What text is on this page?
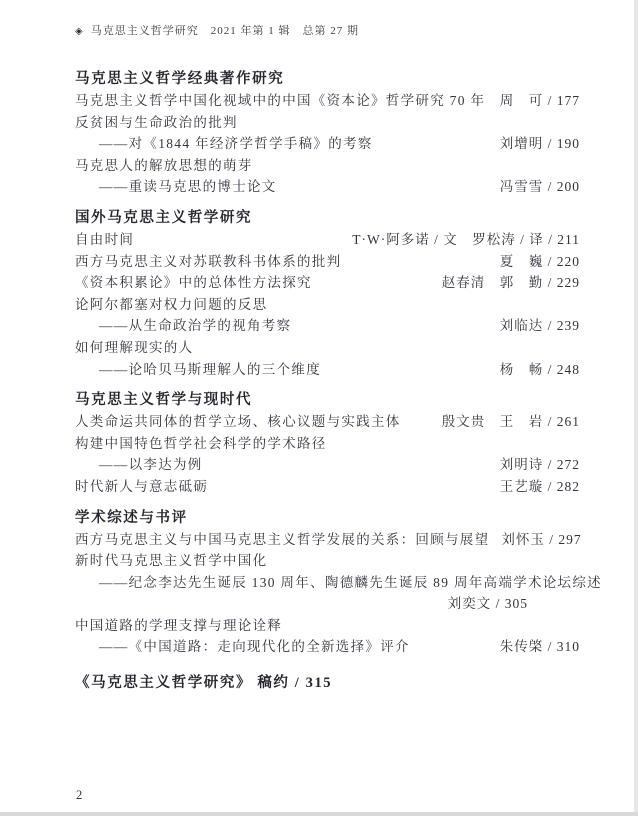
◈ 马克思主义哲学研究　2021 年第 1 辑　总第 27 期
马克思主义哲学经典著作研究
马克思主义哲学中国化视域中的中国《资本论》哲学研究 70 年	周　可 / 177
反贫困与生命政治的批判
——对《1844 年经济学哲学手稿》的考察	刘增明 / 190
马克思人的解放思想的萌芽
——重读马克思的博士论文	冯雪雪 / 200
国外马克思主义哲学研究
自由时间	T·W·阿多诺 / 文　罗松涛 / 译 / 211
西方马克思主义对苏联教科书体系的批判	夏　巍 / 220
《资本积累论》中的总体性方法探究	赵春清　郭　勤 / 229
论阿尔都塞对权力问题的反思
——从生命政治学的视角考察	刘临达 / 239
如何理解现实的人
——论哈贝马斯理解人的三个维度	杨　畅 / 248
马克思主义哲学与现时代
人类命运共同体的哲学立场、核心议题与实践主体	殷文贵　王　岩 / 261
构建中国特色哲学社会科学的学术路径
——以李达为例	刘明诗 / 272
时代新人与意志砥砺	王艺璇 / 282
学术综述与书评
西方马克思主义与中国马克思主义哲学发展的关系：回顾与展望 刘怀玉 / 297
新时代马克思主义哲学中国化
——纪念李达先生诞辰 130 周年、陶德麟先生诞辰 89 周年高端学术论坛综述
刘奕文 / 305
中国道路的学理支撑与理论诠释
——《中国道路：走向现代化的全新选择》评介	朱传棨 / 310
《马克思主义哲学研究》 稿约 / 315
2
